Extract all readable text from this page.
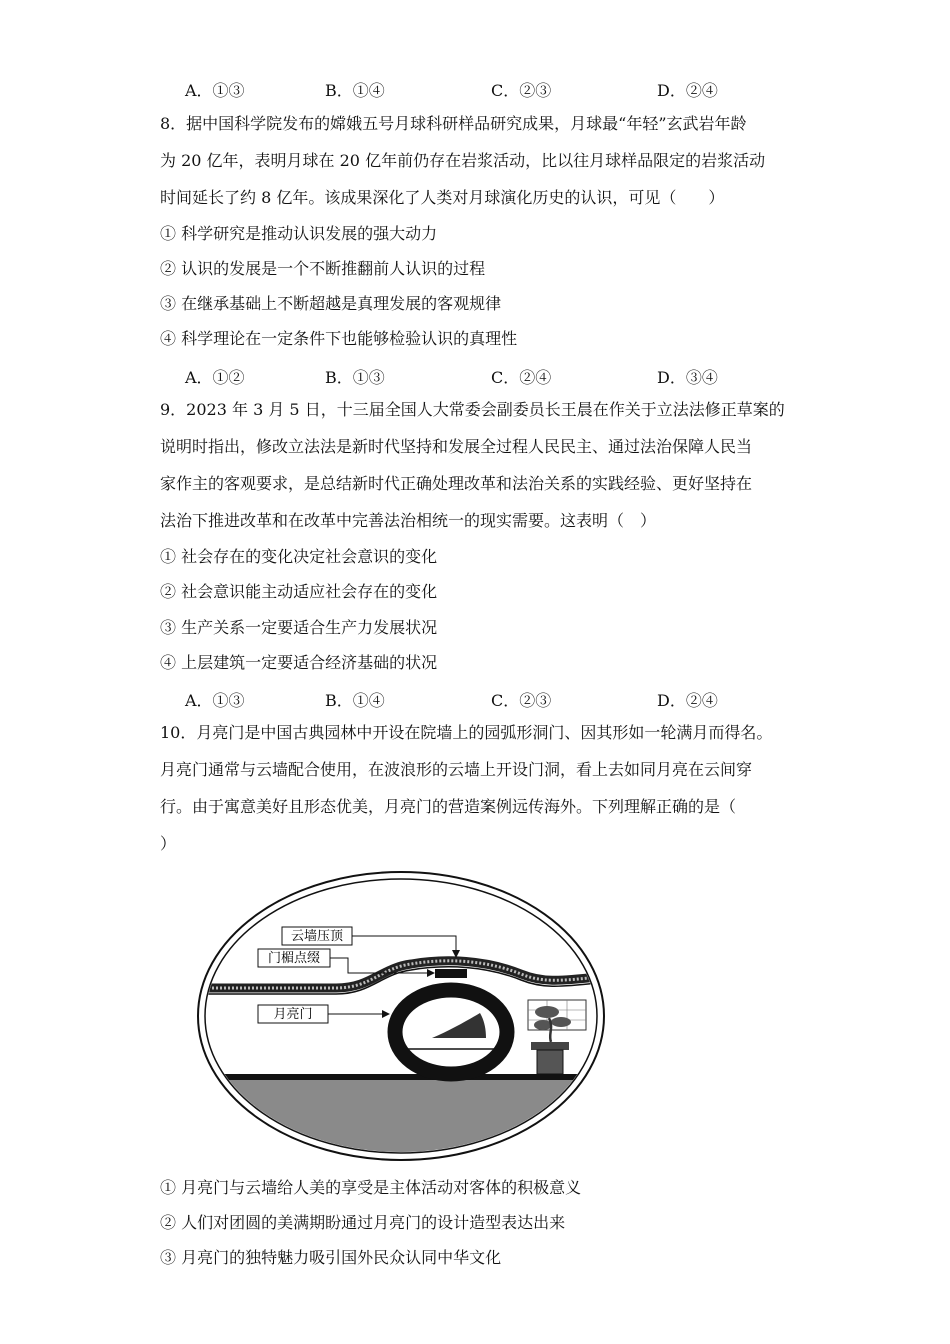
A．①③	B．①④	C．②③	D．②④
8．据中国科学院发布的嫦娥五号月球科研样品研究成果，月球最“年轻”玄武岩年龄
为 20 亿年，表明月球在 20 亿年前仍存在岩浆活动，比以往月球样品限定的岩浆活动
时间延长了约 8 亿年。该成果深化了人类对月球演化历史的认识，可见（　　）
① 科学研究是推动认识发展的强大动力
② 认识的发展是一个不断推翻前人认识的过程
③ 在继承基础上不断超越是真理发展的客观规律
④ 科学理论在一定条件下也能够检验认识的真理性
A．①②	B．①③	C．②④	D．③④
9．2023 年 3 月 5 日，十三届全国人大常委会副委员长王晨在作关于立法法修正草案的
说明时指出，修改立法法是新时代坚持和发展全过程人民民主、通过法治保障人民当
家作主的客观要求，是总结新时代正确处理改革和法治关系的实践经验、更好坚持在
法治下推进改革和在改革中完善法治相统一的现实需要。这表明（　）
① 社会存在的变化决定社会意识的变化
② 社会意识能主动适应社会存在的变化
③ 生产关系一定要适合生产力发展状况
④ 上层建筑一定要适合经济基础的状况
A．①③	B．①④	C．②③	D．②④
10．月亮门是中国古典园林中开设在院墙上的园弧形洞门、因其形如一轮满月而得名。
月亮门通常与云墙配合使用，在波浪形的云墙上开设门洞，看上去如同月亮在云间穿
行。由于寓意美好且形态优美，月亮门的营造案例远传海外。下列理解正确的是（
）
云墙压顶
门楣点缀
月亮门
① 月亮门与云墙给人美的享受是主体活动对客体的积极意义
② 人们对团圆的美满期盼通过月亮门的设计造型表达出来
③ 月亮门的独特魅力吸引国外民众认同中华文化
